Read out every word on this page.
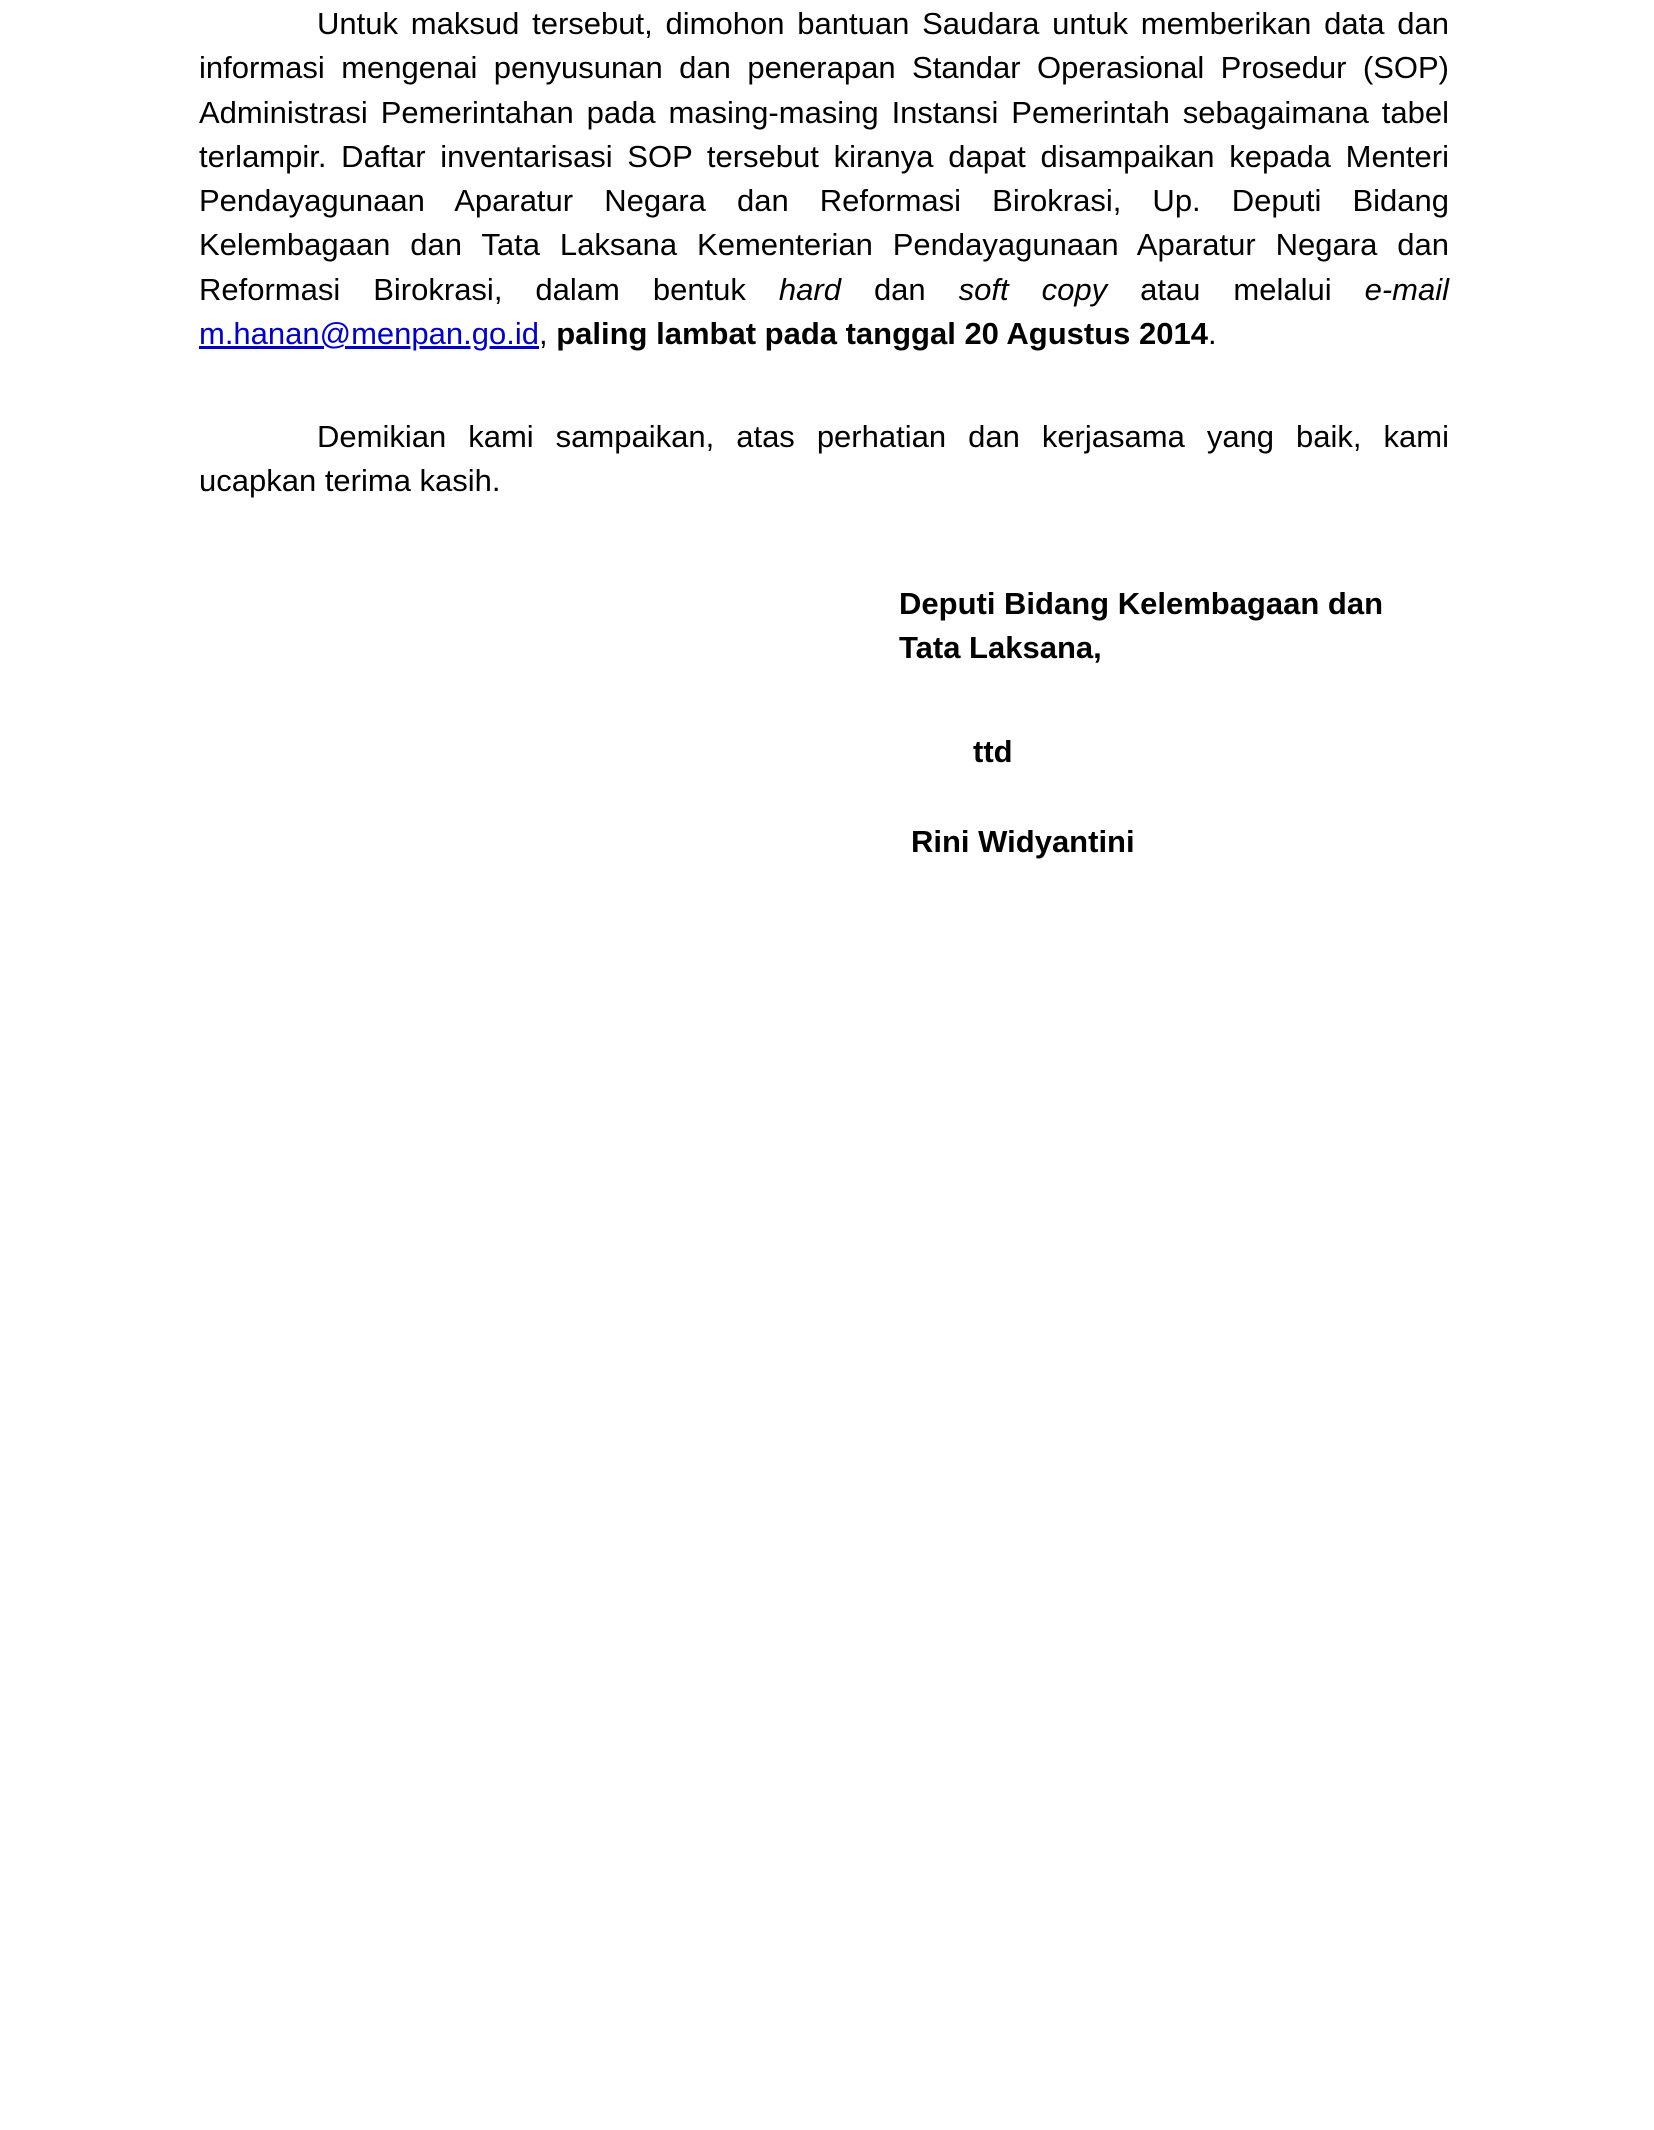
Untuk maksud tersebut, dimohon bantuan Saudara untuk memberikan data dan informasi mengenai penyusunan dan penerapan Standar Operasional Prosedur (SOP) Administrasi Pemerintahan pada masing-masing Instansi Pemerintah sebagaimana tabel terlampir. Daftar inventarisasi SOP tersebut kiranya dapat disampaikan kepada Menteri Pendayagunaan Aparatur Negara dan Reformasi Birokrasi, Up. Deputi Bidang Kelembagaan dan Tata Laksana Kementerian Pendayagunaan Aparatur Negara dan Reformasi Birokrasi, dalam bentuk hard dan soft copy atau melalui e-mail m.hanan@menpan.go.id, paling lambat pada tanggal 20 Agustus 2014.

Demikian kami sampaikan, atas perhatian dan kerjasama yang baik, kami ucapkan terima kasih.

Deputi Bidang Kelembagaan dan
Tata Laksana,

ttd

Rini Widyantini
